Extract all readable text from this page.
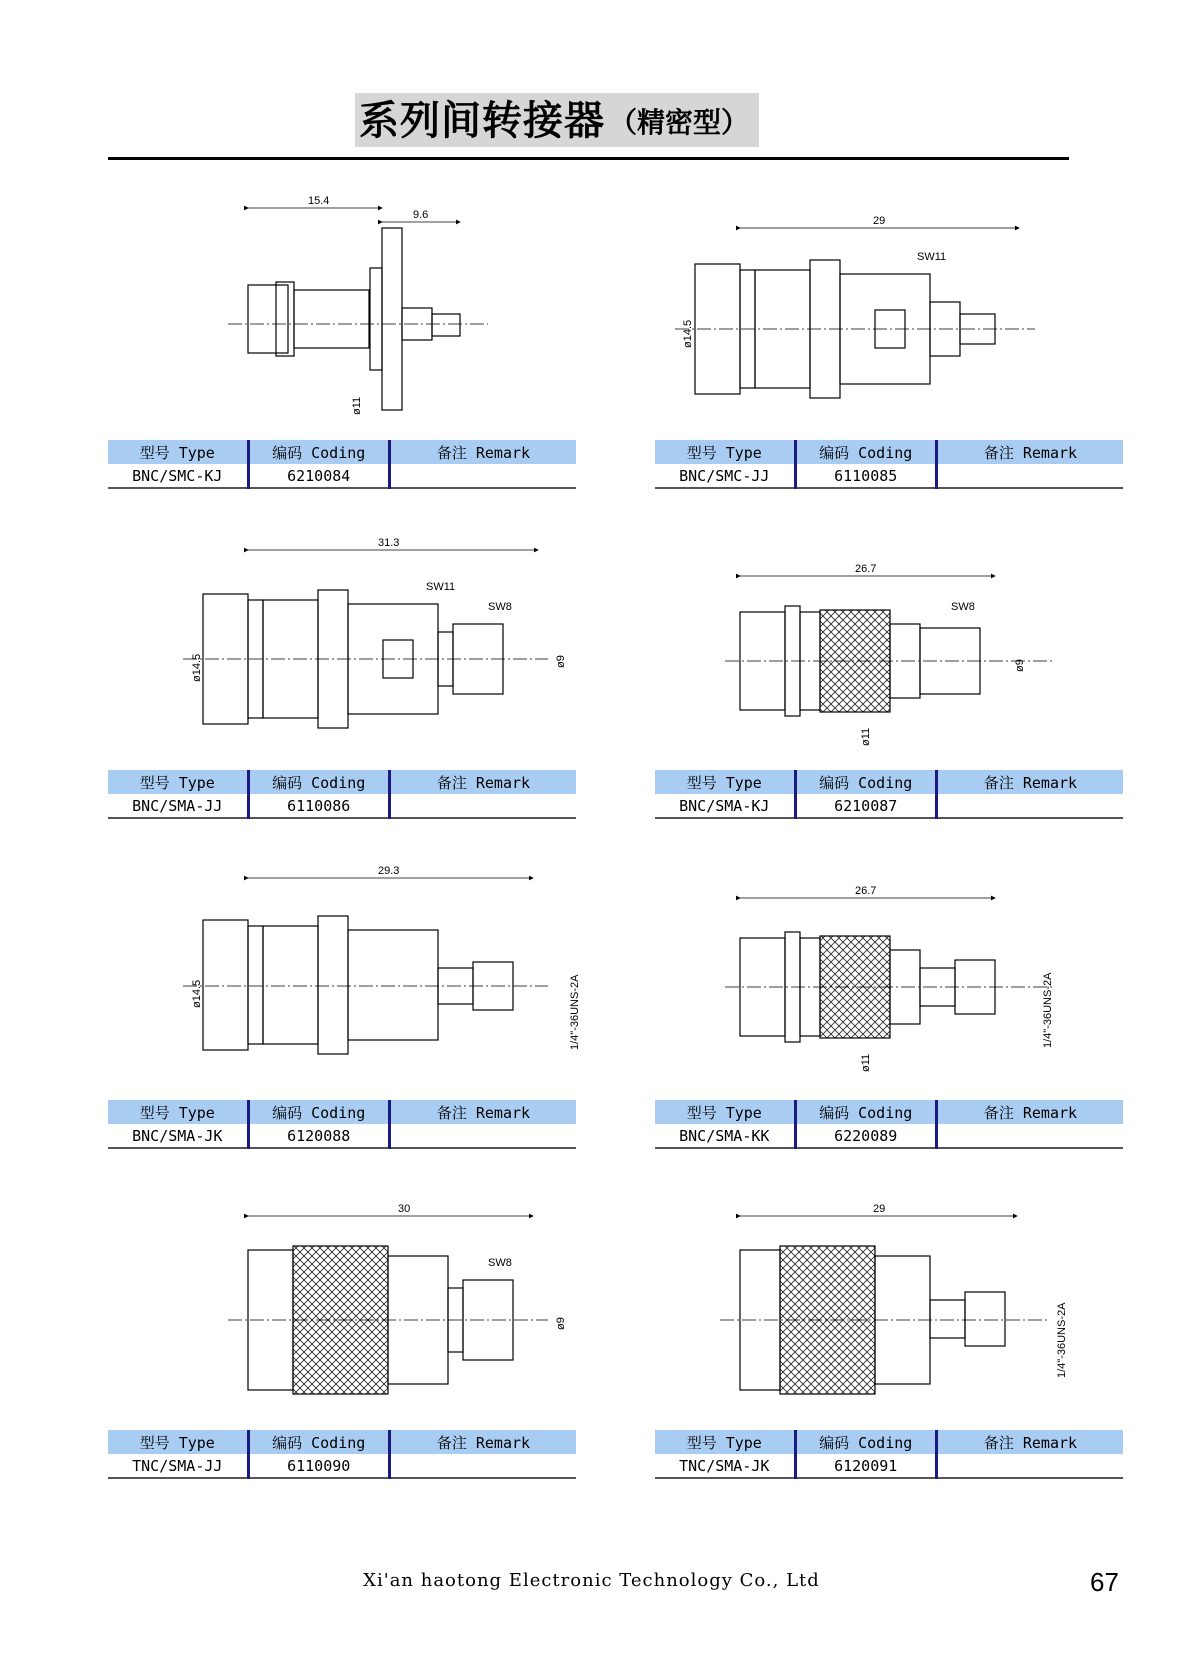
系列间转接器 （精密型）
15.4
9.6
ø11
型号 Type	编码 Coding	备注 Remark
BNC/SMC-KJ	6210084	
29
ø14.5
SW11
型号 Type	编码 Coding	备注 Remark
BNC/SMC-JJ	6110085	
31.3
ø14.5
SW11
SW8
ø9
型号 Type	编码 Coding	备注 Remark
BNC/SMA-JJ	6110086	
26.7
ø11
SW8
ø9
型号 Type	编码 Coding	备注 Remark
BNC/SMA-KJ	6210087	
29.3
ø14.5	1/4"-36UNS-2A
型号 Type	编码 Coding	备注 Remark
BNC/SMA-JK	6120088	
26.7
ø11
1/4"-36UNS-2A
型号 Type	编码 Coding	备注 Remark
BNC/SMA-KK	6220089	
30
SW8
ø9
型号 Type	编码 Coding	备注 Remark
TNC/SMA-JJ	6110090	
29
1/4"-36UNS-2A
型号 Type	编码 Coding	备注 Remark
TNC/SMA-JK	6120091	
Xi'an haotong Electronic Technology Co., Ltd	67
